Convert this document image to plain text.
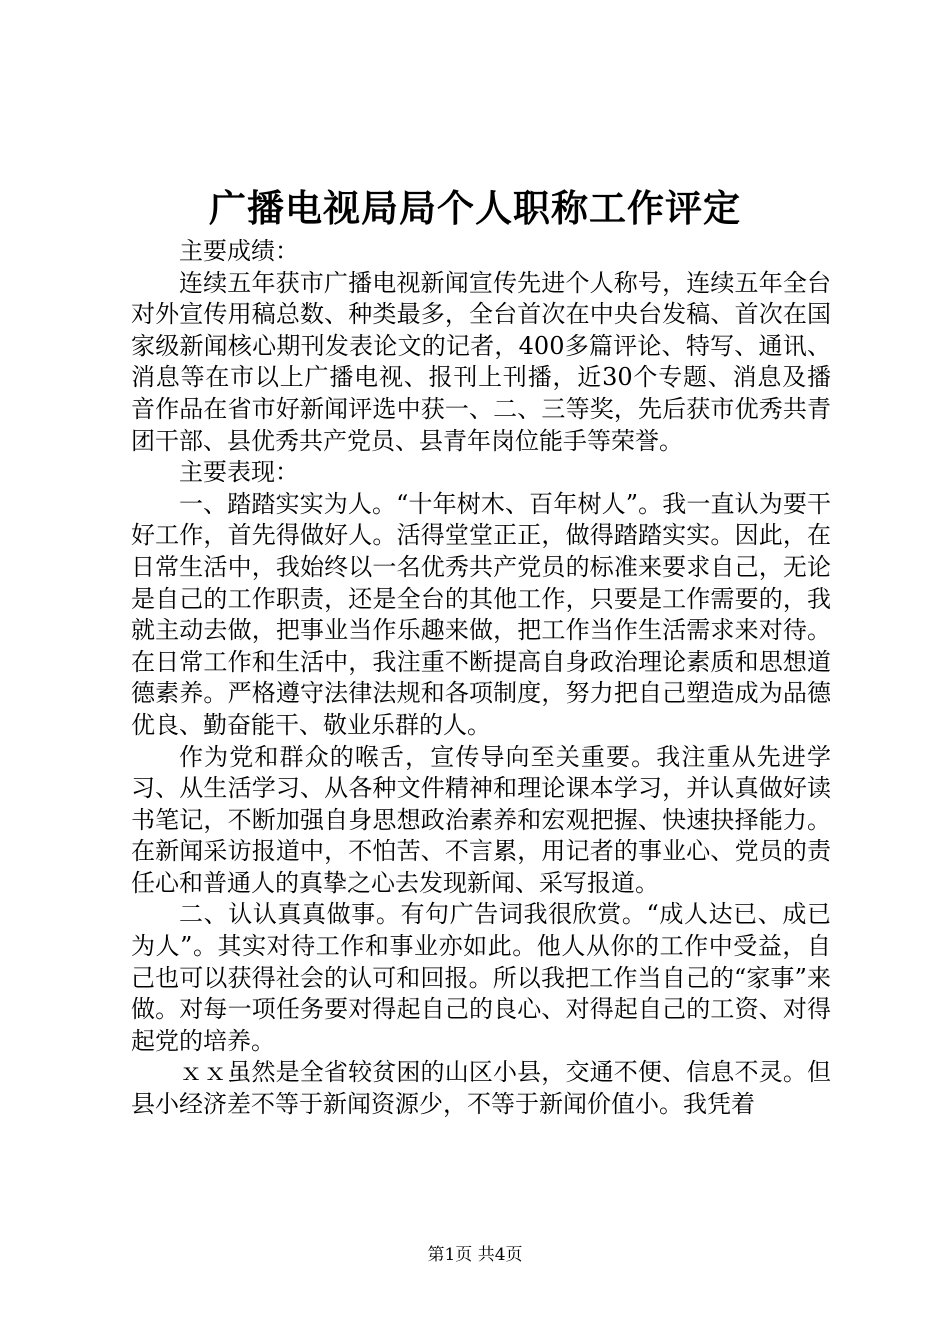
广播电视局局个人职称工作评定

主要成绩：

连续五年获市广播电视新闻宣传先进个人称号，连续五年全台对外宣传用稿总数、种类最多，全台首次在中央台发稿、首次在国家级新闻核心期刊发表论文的记者，400多篇评论、特写、通讯、消息等在市以上广播电视、报刊上刊播，近30个专题、消息及播音作品在省市好新闻评选中获一、二、三等奖，先后获市优秀共青团干部、县优秀共产党员、县青年岗位能手等荣誉。

主要表现：

一、踏踏实实为人。“十年树木、百年树人”。我一直认为要干好工作，首先得做好人。活得堂堂正正，做得踏踏实实。因此，在日常生活中，我始终以一名优秀共产党员的标准来要求自己，无论是自己的工作职责，还是全台的其他工作，只要是工作需要的，我就主动去做，把事业当作乐趣来做，把工作当作生活需求来对待。在日常工作和生活中，我注重不断提高自身政治理论素质和思想道德素养。严格遵守法律法规和各项制度，努力把自己塑造成为品德优良、勤奋能干、敬业乐群的人。

作为党和群众的喉舌，宣传导向至关重要。我注重从先进学习、从生活学习、从各种文件精神和理论课本学习，并认真做好读书笔记，不断加强自身思想政治素养和宏观把握、快速抉择能力。在新闻采访报道中，不怕苦、不言累，用记者的事业心、党员的责任心和普通人的真挚之心去发现新闻、采写报道。

二、认认真真做事。有句广告词我很欣赏。“成人达已、成已为人”。其实对待工作和事业亦如此。他人从你的工作中受益，自己也可以获得社会的认可和回报。所以我把工作当自己的“家事”来做。对每一项任务要对得起自己的良心、对得起自己的工资、对得起党的培养。

ｘｘ虽然是全省较贫困的山区小县，交通不便、信息不灵。但县小经济差不等于新闻资源少，不等于新闻价值小。我凭着

第1页 共4页
